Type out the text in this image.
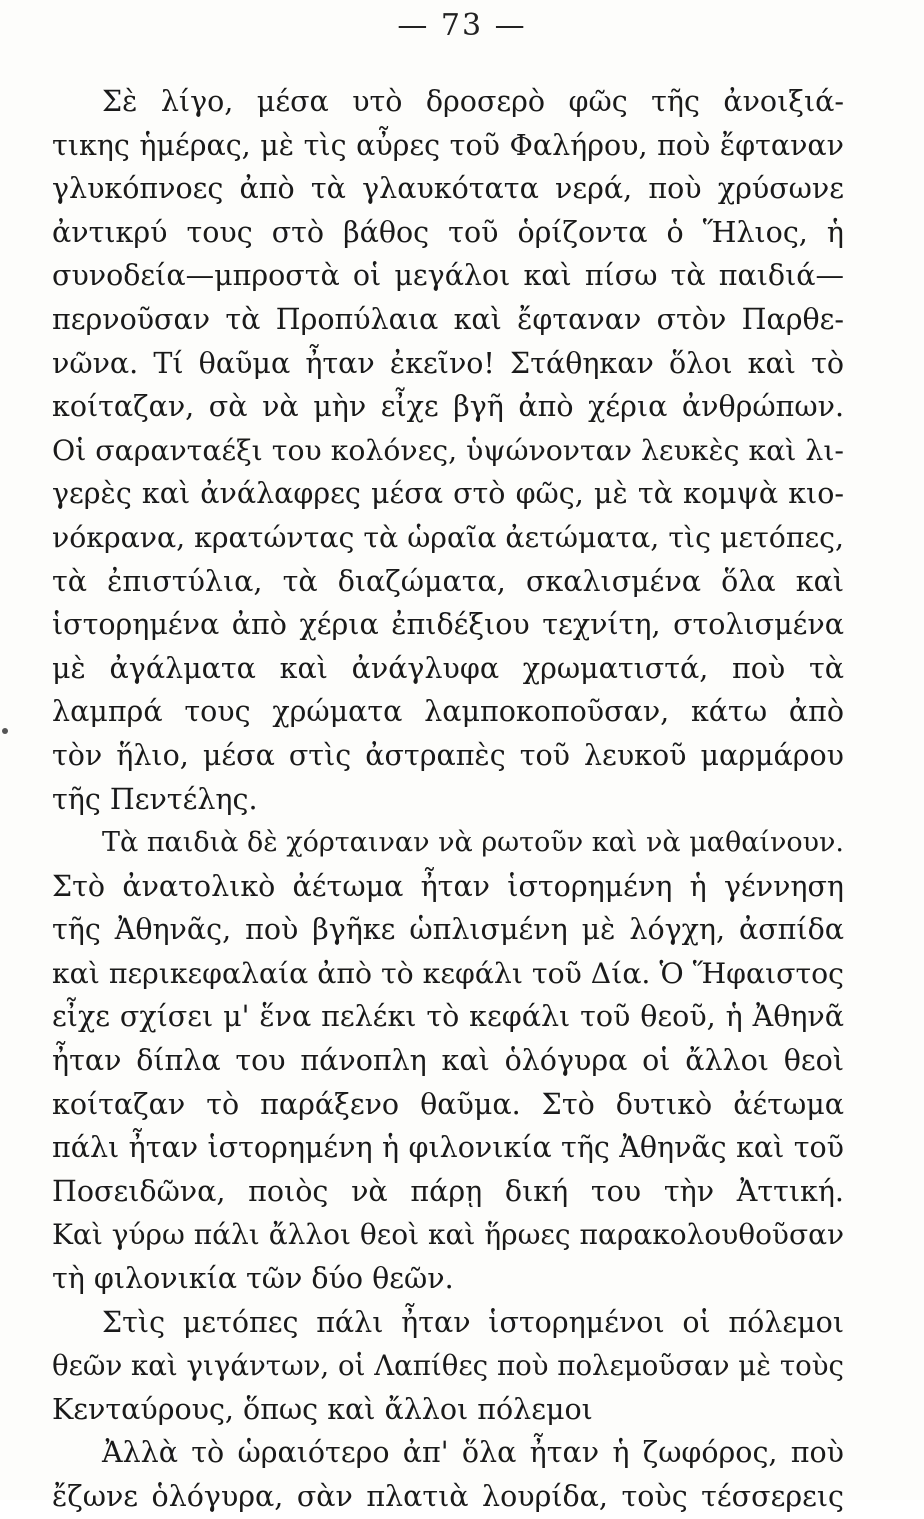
— 73 —
Σὲ λίγο, μέσα υτὸ δροσερὸ φῶς τῆς ἀνοιξιά-
τικης ἡμέρας, μὲ τὶς αὖρες τοῦ Φαλήρου, ποὺ ἔφταναν
γλυκόπνοες ἀπὸ τὰ γλαυκότατα νερά, ποὺ χρύσωνε
ἀντικρύ τους στὸ βάθος τοῦ ὁρίζοντα ὁ Ἥλιος, ἡ
συνοδεία—μπροστὰ οἱ μεγάλοι καὶ πίσω τὰ παιδιά—
περνοῦσαν τὰ Προπύλαια καὶ ἔφταναν στὸν Παρθε-
νῶνα. Τί θαῦμα ἦταν ἐκεῖνο! Στάθηκαν ὅλοι καὶ τὸ
κοίταζαν, σὰ νὰ μὴν εἶχε βγῆ ἀπὸ χέρια ἀνθρώπων.
Οἱ σαρανταέξι του κολόνες, ὑψώνονταν λευκὲς καὶ λι-
γερὲς καὶ ἀνάλαφρες μέσα στὸ φῶς, μὲ τὰ κομψὰ κιο-
νόκρανα, κρατώντας τὰ ὡραῖα ἀετώματα, τὶς μετόπες,
τὰ ἐπιστύλια, τὰ διαζώματα, σκαλισμένα ὅλα καὶ
ἱστορημένα ἀπὸ χέρια ἐπιδέξιου τεχνίτη, στολισμένα
μὲ ἀγάλματα καὶ ἀνάγλυφα χρωματιστά, ποὺ τὰ
λαμπρά τους χρώματα λαμποκοποῦσαν, κάτω ἀπὸ
τὸν ἥλιο, μέσα στὶς ἀστραπὲς τοῦ λευκοῦ μαρμάρου
τῆς Πεντέλης.
Τὰ παιδιὰ δὲ χόρταιναν νὰ ρωτοῦν καὶ νὰ μαθαίνουν.
Στὸ ἀνατολικὸ ἀέτωμα ἦταν ἱστορημένη ἡ γέννηση
τῆς Ἀθηνᾶς, ποὺ βγῆκε ὡπλισμένη μὲ λόγχη, ἀσπίδα
καὶ περικεφαλαία ἀπὸ τὸ κεφάλι τοῦ Δία. Ὁ Ἥφαιστος
εἶχε σχίσει μ' ἕνα πελέκι τὸ κεφάλι τοῦ θεοῦ, ἡ Ἀθηνᾶ
ἦταν δίπλα του πάνοπλη καὶ ὁλόγυρα οἱ ἄλλοι θεοὶ
κοίταζαν τὸ παράξενο θαῦμα. Στὸ δυτικὸ ἀέτωμα
πάλι ἦταν ἱστορημένη ἡ φιλονικία τῆς Ἀθηνᾶς καὶ τοῦ
Ποσειδῶνα, ποιὸς νὰ πάρῃ δική του τὴν Ἀττική.
Καὶ γύρω πάλι ἄλλοι θεοὶ καὶ ἥρωες παρακολουθοῦσαν
τὴ φιλονικία τῶν δύο θεῶν.
Στὶς μετόπες πάλι ἦταν ἱστορημένοι οἱ πόλεμοι
θεῶν καὶ γιγάντων, οἱ Λαπίθες ποὺ πολεμοῦσαν μὲ τοὺς
Κενταύρους, ὅπως καὶ ἄλλοι πόλεμοι
Ἀλλὰ τὸ ὡραιότερο ἀπ' ὅλα ἦταν ἡ ζωφόρος, ποὺ
ἔζωνε ὁλόγυρα, σὰν πλατιὰ λουρίδα, τοὺς τέσσερεις
